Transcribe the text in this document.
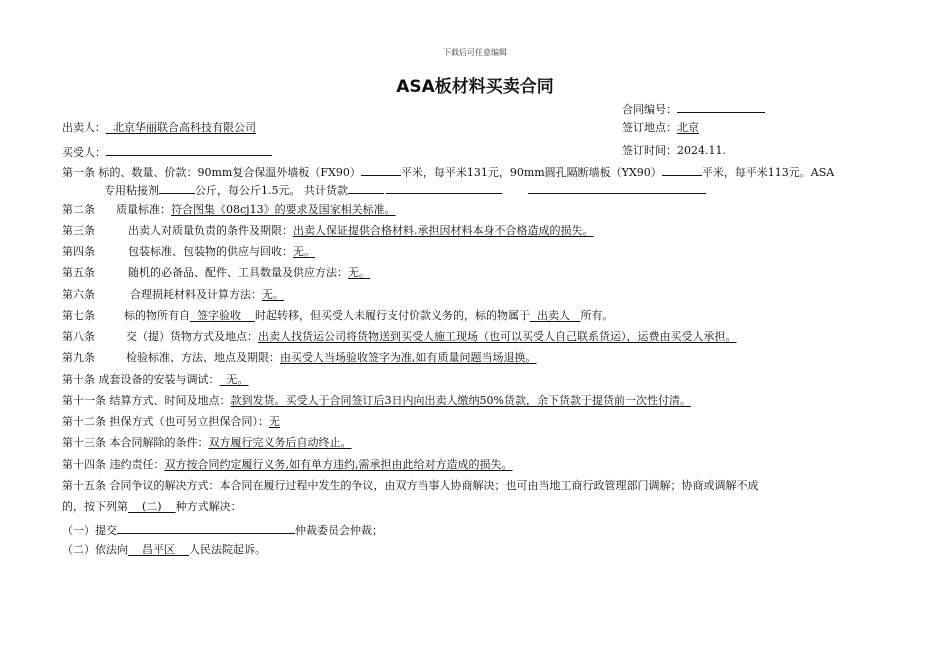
下载后可任意编辑
ASA板材料买卖合同
合同编号：
出卖人： 北京华丽联合高科技有限公司	签订地点：北京
买受人：	签订时间：2024.11.
第一条 标的、数量、价款：90mm复合保温外墙板（FX90）	平米，每平米131元，90mm圆孔隔断墙板（YX90）	平米，每平米113元。ASA
专用粘接剂	公斤，每公斤1.5元。 共计货款
第二条 质量标准：符合图集《08cj13》的要求及国家相关标准。
第三条	出卖人对质量负责的条件及期限：出卖人保证提供合格材料.承担因材料本身不合格造成的损失。
第四条	包装标准、包装物的供应与回收：无。
第五条	随机的必备品、配件、工具数量及供应方法：无。
第六条	合理损耗材料及计算方法：无。
第七条	标的物所有自 签字验收 时起转移，但买受人未履行支付价款义务的，标的物属于 出卖人 所有。
第八条	交（提）货物方式及地点：出卖人找货运公司将货物送到买受人施工现场（也可以买受人自己联系货运），运费由买受人承担。
第九条	检验标准、方法、地点及期限：由买受人当场验收签字为准,如有质量问题当场退换。
第十条 成套设备的安装与调试： 无。
第十一条 结算方式、时间及地点：款到发货。买受人于合同签订后3日内向出卖人缴纳50%货款，余下货款于提货前一次性付清。
第十二条 担保方式（也可另立担保合同）：无
第十三条 本合同解除的条件：双方履行完义务后自动终止。
第十四条 违约责任：双方按合同约定履行义务,如有单方违约,需承担由此给对方造成的损失。
第十五条 合同争议的解决方式：本合同在履行过程中发生的争议，由双方当事人协商解决；也可由当地工商行政管理部门调解；协商或调解不成
的，按下列第 (二) 种方式解决：
（一）提交	仲裁委员会仲裁；
（二）依法向 昌平区 人民法院起诉。
